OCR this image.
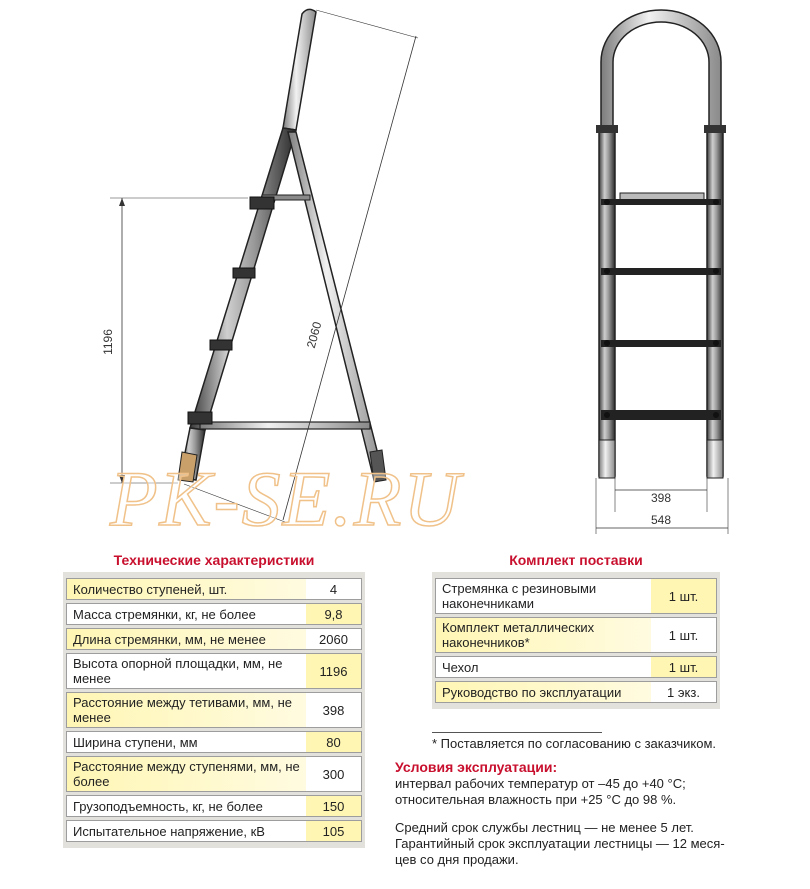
1196	2060
398
548
PK-SE.RU
Технические характеристики
Количество ступеней, шт.	4
Масса стремянки, кг, не более	9,8
Длина стремянки, мм, не менее	2060
Высота опорной площадки, мм, не менее	1196
Расстояние между тетивами, мм, не менее	398
Ширина ступени, мм	80
Расстояние между ступенями, мм, не более	300
Грузоподъемность, кг, не более	150
Испытательное напряжение, кВ	105
Комплект поставки
Стремянка с резиновыми наконечниками	1 шт.
Комплект металлических наконечников*	1 шт.
Чехол	1 шт.
Руководство по эксплуатации	1 экз.
* Поставляется по согласованию с заказчиком.
Условия эксплуатации:
интервал рабочих температур от –45 до +40 °С;
относительная влажность при +25 °С до 98 %.
Средний срок службы лестниц — не менее 5 лет.
Гарантийный срок эксплуатации лестницы — 12 меся-
цев со дня продажи.
